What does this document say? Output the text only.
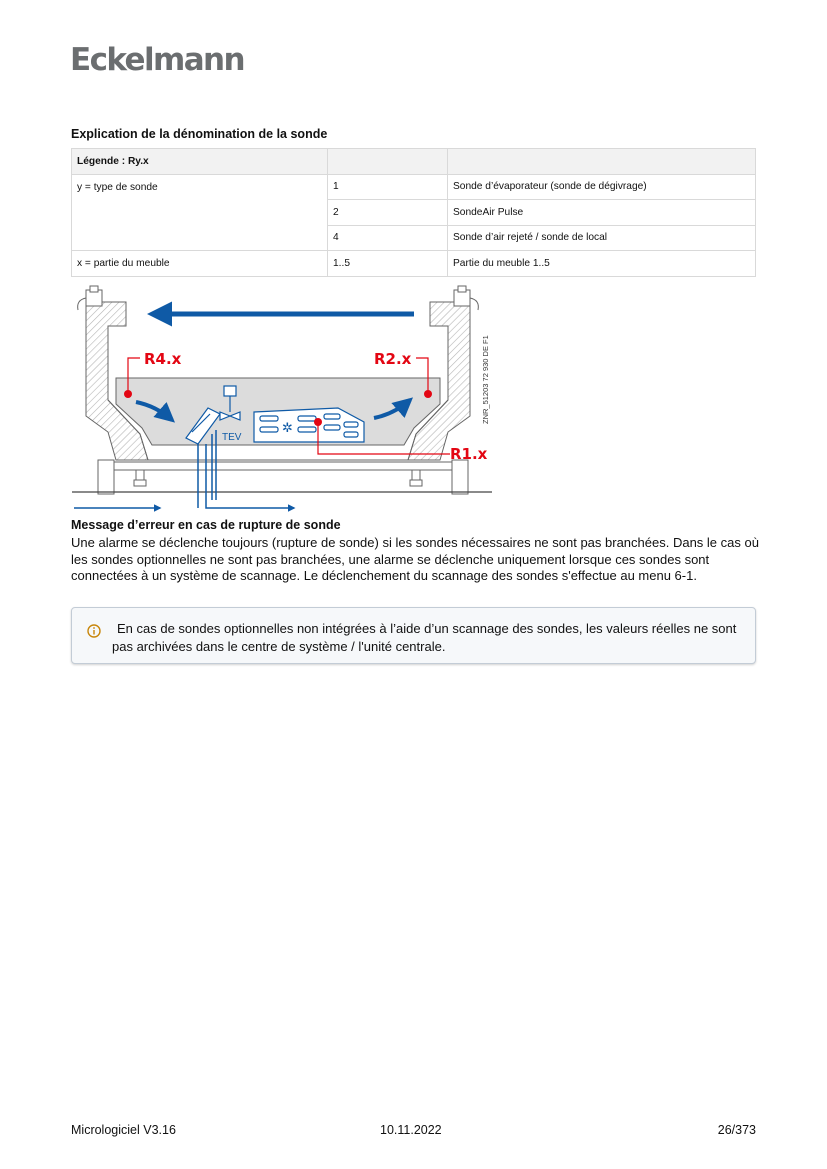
Eckelmann
Explication de la dénomination de la sonde
Légende : Ry.x		
y = type de sonde	1	Sonde d’évaporateur (sonde de dégivrage)
	2	SondeAir Pulse
	4	Sonde d’air rejeté / sonde de local
x = partie du meuble	1..5	Partie du meuble 1..5
✲
TEV
R4.x	R2.x
R1.x
ZNR_51203 72 930 DE F1
Message d’erreur en cas de rupture de sonde
Une alarme se déclenche toujours (rupture de sonde) si les sondes nécessaires ne sont pas branchées. Dans le cas où les sondes optionnelles ne sont pas branchées, une alarme se déclenche uniquement lorsque ces sondes sont connectées à un système de scannage. Le déclenchement du scannage des sondes s'effectue au menu 6-1.
En cas de sondes optionnelles non intégrées à l’aide d’un scannage des sondes, les valeurs réelles ne sont pas archivées dans le centre de système / l'unité centrale.
Micrologiciel V3.16	10.11.2022	26/373
